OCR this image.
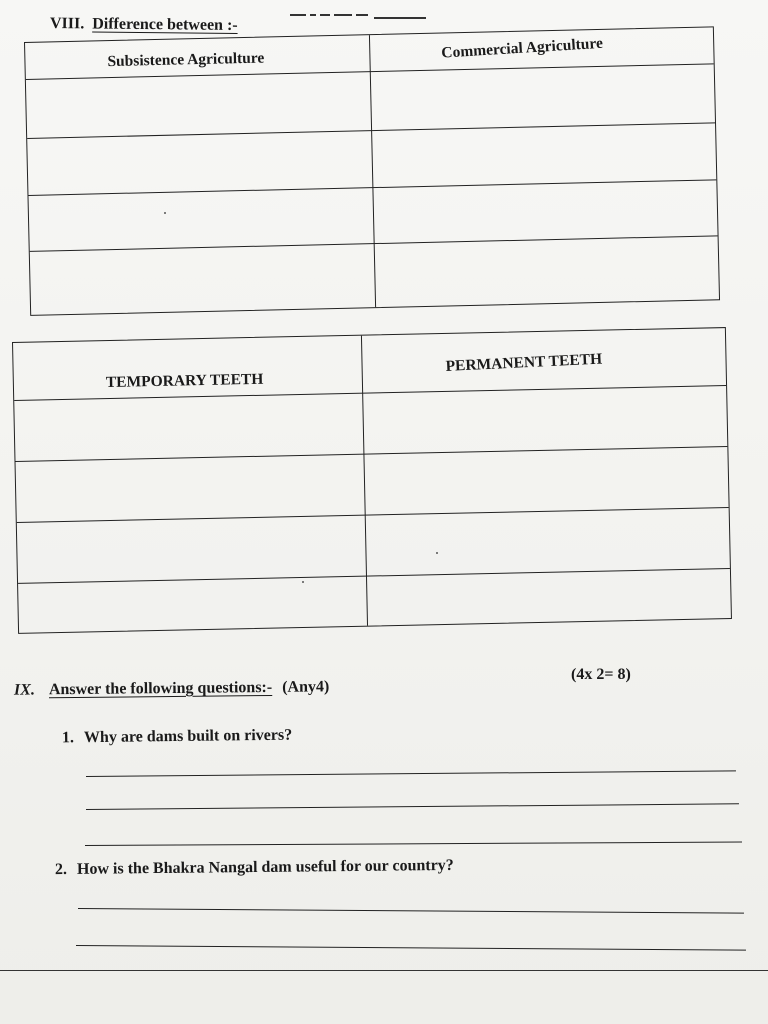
VIII. Difference between :-
Subsistence Agriculture	Commercial Agriculture
TEMPORARY TEETH
PERMANENT TEETH
IX. Answer the following questions:- (Any4)
(4x 2= 8)
1. Why are dams built on rivers?
2. How is the Bhakra Nangal dam useful for our country?
